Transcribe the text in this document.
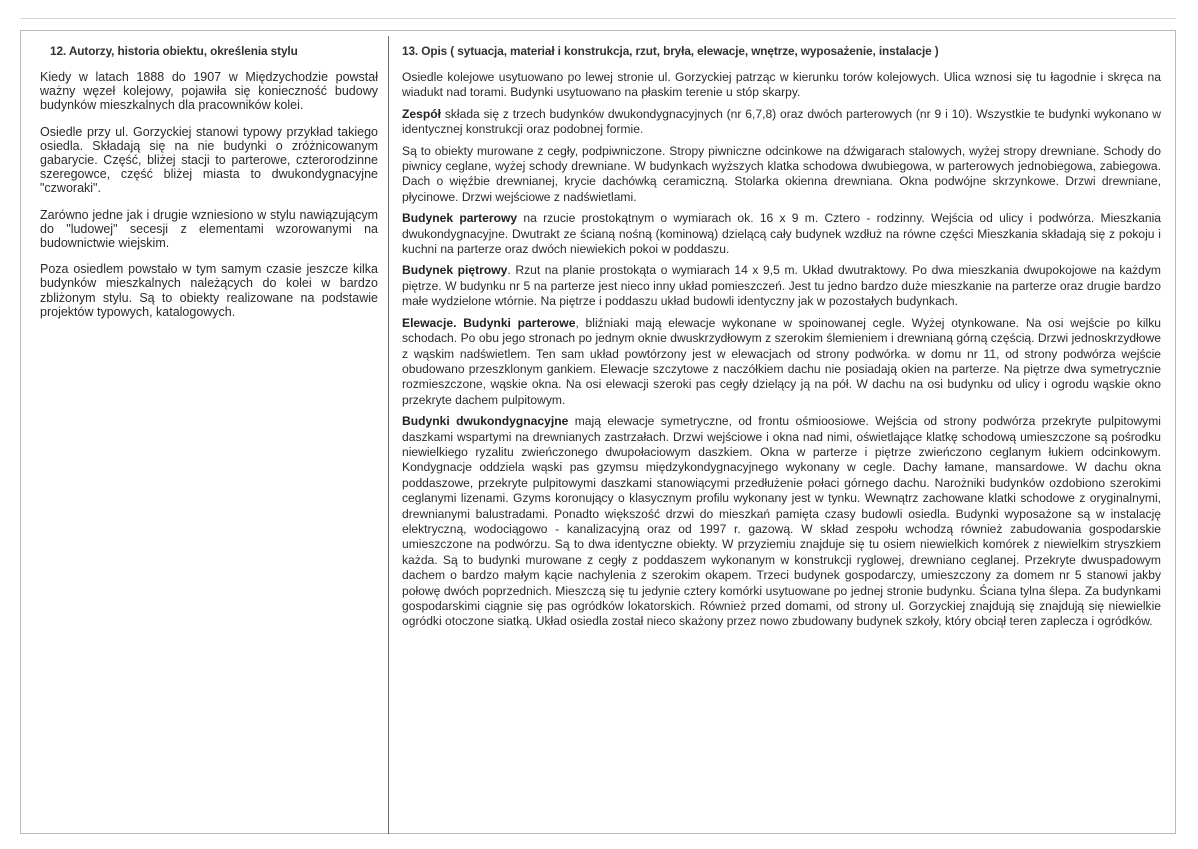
12. Autorzy, historia obiektu, określenia stylu

Kiedy w latach 1888 do 1907 w Międzychodzie powstał ważny węzeł kolejowy, pojawiła się konieczność budowy budynków mieszkalnych dla pracowników kolei.

Osiedle przy ul. Gorzyckiej stanowi typowy przykład takiego osiedla. Składają się na nie budynki o zróżnicowanym gabarycie. Część, bliżej stacji to parterowe, czterorodzinne szeregowce, część bliżej miasta to dwukondygnacyjne "czworaki".

Zarówno jedne jak i drugie wzniesiono w stylu nawiązującym do "ludowej" secesji z elementami wzorowanymi na budownictwie wiejskim.

Poza osiedlem powstało w tym samym czasie jeszcze kilka budynków mieszkalnych należących do kolei w bardzo zbliżonym stylu. Są to obiekty realizowane na podstawie projektów typowych, katalogowych.

13. Opis ( sytuacja, materiał i konstrukcja, rzut, bryła, elewacje, wnętrze, wyposażenie, instalacje )

Osiedle kolejowe usytuowano po lewej stronie ul. Gorzyckiej patrząc w kierunku torów kolejowych. Ulica wznosi się tu łagodnie i skręca na wiadukt nad torami. Budynki usytuowano na płaskim terenie u stóp skarpy.

Zespół składa się z trzech budynków dwukondygnacyjnych (nr 6,7,8) oraz dwóch parterowych (nr 9 i 10). Wszystkie te budynki wykonano w identycznej konstrukcji oraz podobnej formie.

Są to obiekty murowane z cegły, podpiwniczone. Stropy piwniczne odcinkowe na dźwigarach stalowych, wyżej stropy drewniane. Schody do piwnicy ceglane, wyżej schody drewniane. W budynkach wyższych klatka schodowa dwubiegowa, w parterowych jednobiegowa, zabiegowa. Dach o więźbie drewnianej, krycie dachówką ceramiczną. Stolarka okienna drewniana. Okna podwójne skrzynkowe. Drzwi drewniane, płycinowe. Drzwi wejściowe z nadświetlami.

Budynek parterowy na rzucie prostokątnym o wymiarach ok. 16 x 9 m. Cztero - rodzinny. Wejścia od ulicy i podwórza. Mieszkania dwukondygnacyjne. Dwutrakt ze ścianą nośną (kominową) dzielącą cały budynek wzdłuż na równe części Mieszkania składają się z pokoju i kuchni na parterze oraz dwóch niewiekich pokoi w poddaszu.

Budynek piętrowy. Rzut na planie prostokąta o wymiarach 14 x 9,5 m. Układ dwutraktowy. Po dwa mieszkania dwupokojowe na każdym piętrze. W budynku nr 5 na parterze jest nieco inny układ pomieszczeń. Jest tu jedno bardzo duże mieszkanie na parterze oraz drugie bardzo małe wydzielone wtórnie. Na piętrze i poddaszu układ budowli identyczny jak w pozostałych budynkach.

Elewacje. Budynki parterowe, bliźniaki mają elewacje wykonane w spoinowanej cegle. Wyżej otynkowane. Na osi wejście po kilku schodach. Po obu jego stronach po jednym oknie dwuskrzydłowym z szerokim ślemieniem i drewnianą górną częścią. Drzwi jednoskrzydłowe z wąskim nadświetlem. Ten sam układ powtórzony jest w elewacjach od strony podwórka. w domu nr 11, od strony podwórza wejście obudowano przeszklonym gankiem. Elewacje szczytowe z naczółkiem dachu nie posiadają okien na parterze. Na piętrze dwa symetrycznie rozmieszczone, wąskie okna. Na osi elewacji szeroki pas cegły dzielący ją na pół. W dachu na osi budynku od ulicy i ogrodu wąskie okno przekryte dachem pulpitowym.

Budynki dwukondygnacyjne mają elewacje symetryczne, od frontu ośmioosiowe. Wejścia od strony podwórza przekryte pulpitowymi daszkami wspartymi na drewnianych zastrzałach. Drzwi wejściowe i okna nad nimi, oświetlające klatkę schodową umieszczone są pośrodku niewielkiego ryzalitu zwieńczonego dwupołaciowym daszkiem. Okna w parterze i piętrze zwieńczono ceglanym łukiem odcinkowym. Kondygnacje oddziela wąski pas gzymsu międzykondygnacyjnego wykonany w cegle. Dachy łamane, mansardowe. W dachu okna poddaszowe, przekryte pulpitowymi daszkami stanowiącymi przedłużenie połaci górnego dachu. Narożniki budynków ozdobiono szerokimi ceglanymi lizenami. Gzyms koronujący o klasycznym profilu wykonany jest w tynku. Wewnątrz zachowane klatki schodowe z oryginalnymi, drewnianymi balustradami. Ponadto większość drzwi do mieszkań pamięta czasy budowli osiedla. Budynki wyposażone są w instalację elektryczną, wodociągowo - kanalizacyjną oraz od 1997 r. gazową. W skład zespołu wchodzą również zabudowania gospodarskie umieszczone na podwórzu. Są to dwa identyczne obiekty. W przyziemiu znajduje się tu osiem niewielkich komórek z niewielkim stryszkiem każda. Są to budynki murowane z cegły z poddaszem wykonanym w konstrukcji ryglowej, drewniano ceglanej. Przekryte dwuspadowym dachem o bardzo małym kącie nachylenia z szerokim okapem. Trzeci budynek gospodarczy, umieszczony za domem nr 5 stanowi jakby połowę dwóch poprzednich. Mieszczą się tu jedynie cztery komórki usytuowane po jednej stronie budynku. Ściana tylna ślepa. Za budynkami gospodarskimi ciągnie się pas ogródków lokatorskich. Również przed domami, od strony ul. Gorzyckiej znajdują się znajdują się niewielkie ogródki otoczone siatką. Układ osiedla został nieco skażony przez nowo zbudowany budynek szkoły, który obciął teren zaplecza i ogródków.
